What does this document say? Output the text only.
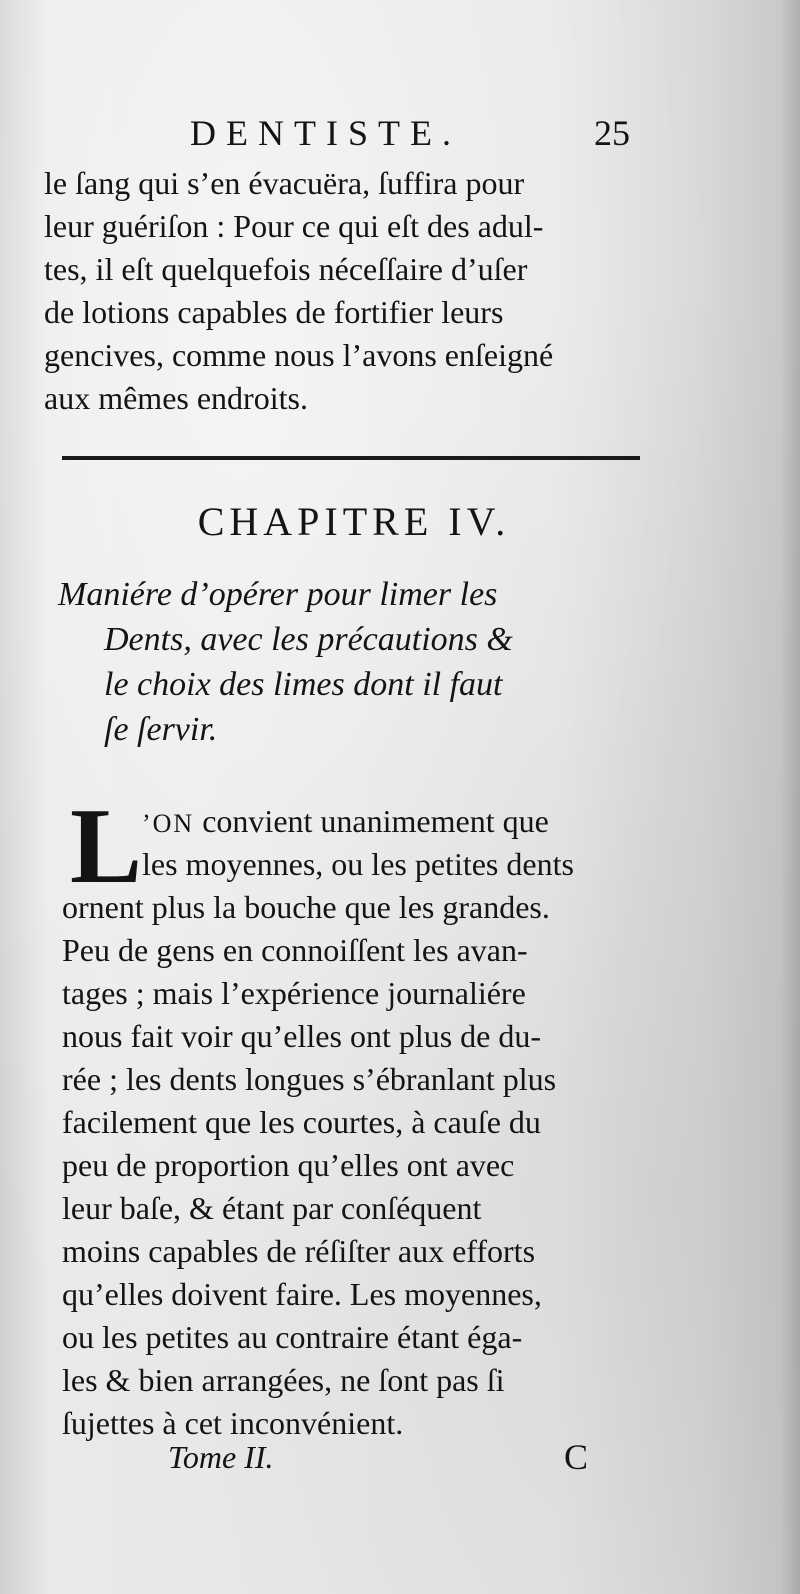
DENTISTE.	25
le ſang qui s’en évacuëra, ſuffira pour
leur guériſon : Pour ce qui eſt des adul-
tes, il eſt quelquefois néceſſaire d’uſer
de lotions capables de fortifier leurs
gencives, comme nous l’avons enſeigné
aux mêmes endroits.
CHAPITRE IV.
Maniére d’opérer pour limer les
Dents, avec les précautions &
le choix des limes dont il faut
ſe ſervir.
L ’ON convient unanimement que
les moyennes, ou les petites dents
ornent plus la bouche que les grandes.
Peu de gens en connoiſſent les avan-
tages ; mais l’expérience journaliére
nous fait voir qu’elles ont plus de du-
rée ; les dents longues s’ébranlant plus
facilement que les courtes, à cauſe du
peu de proportion qu’elles ont avec
leur baſe, & étant par conſéquent
moins capables de réſiſter aux efforts
qu’elles doivent faire. Les moyennes,
ou les petites au contraire étant éga-
les & bien arrangées, ne ſont pas ſi
ſujettes à cet inconvénient.
Tome II.	C
